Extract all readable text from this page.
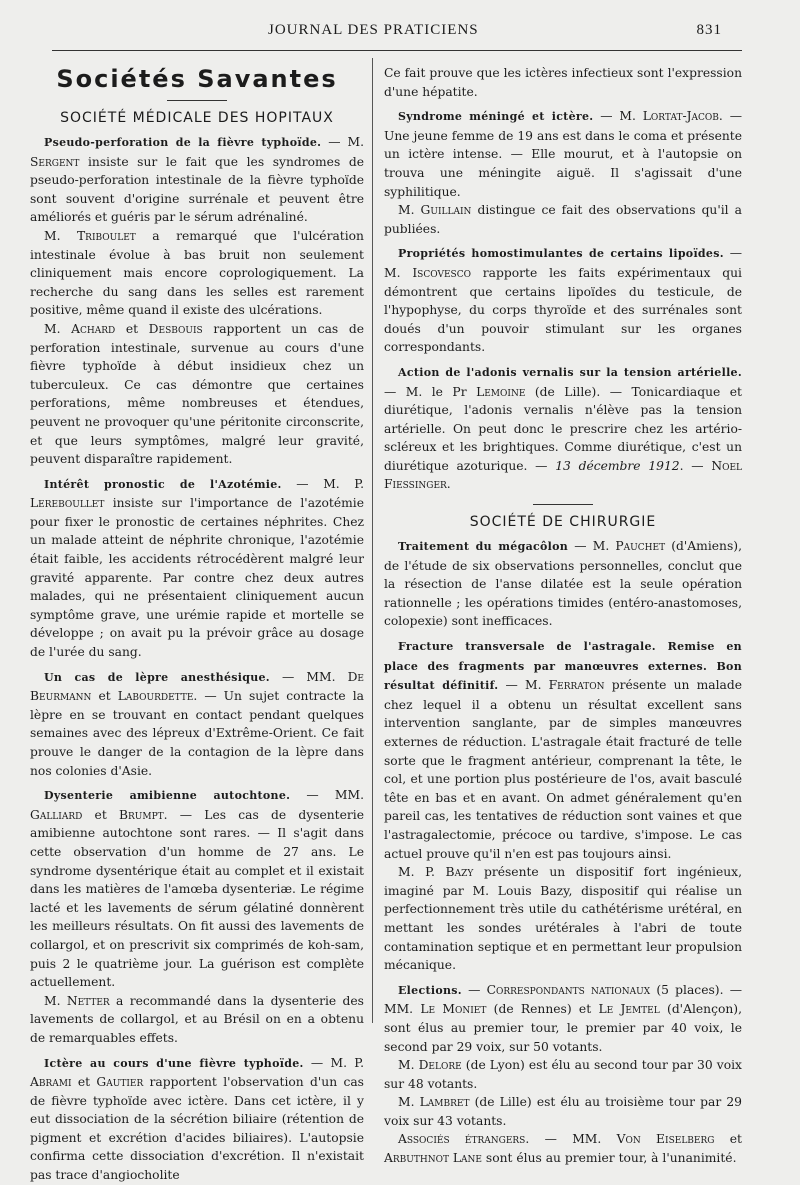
JOURNAL DES PRATICIENS	831
Sociétés Savantes
SOCIÉTÉ MÉDICALE DES HOPITAUX

Pseudo-perforation de la fièvre typhoïde. — M. Sergent insiste sur le fait que les syndromes de pseudo-perforation intestinale de la fièvre typhoïde sont souvent d'origine surrénale et peuvent être améliorés et guéris par le sérum adrénaliné.

M. Triboulet a remarqué que l'ulcération intestinale évolue à bas bruit non seulement cliniquement mais encore coprologiquement. La recherche du sang dans les selles est rarement positive, même quand il existe des ulcérations.

M. Achard et Desbouis rapportent un cas de perforation intestinale, survenue au cours d'une fièvre typhoïde à début insidieux chez un tuberculeux. Ce cas démontre que certaines perforations, même nombreuses et étendues, peuvent ne provoquer qu'une péritonite circonscrite, et que leurs symptômes, malgré leur gravité, peuvent disparaître rapidement.

Intérêt pronostic de l'Azotémie. — M. P. Lereboullet insiste sur l'importance de l'azotémie pour fixer le pronostic de certaines néphrites. Chez un malade atteint de néphrite chronique, l'azotémie était faible, les accidents rétrocédèrent malgré leur gravité apparente. Par contre chez deux autres malades, qui ne présentaient cliniquement aucun symptôme grave, une urémie rapide et mortelle se développe ; on avait pu la prévoir grâce au dosage de l'urée du sang.

Un cas de lèpre anesthésique. — MM. De Beurmann et Labourdette. — Un sujet contracte la lèpre en se trouvant en contact pendant quelques semaines avec des lépreux d'Extrême-Orient. Ce fait prouve le danger de la contagion de la lèpre dans nos colonies d'Asie.

Dysenterie amibienne autochtone. — MM. Galliard et Brumpt. — Les cas de dysenterie amibienne autochtone sont rares. — Il s'agit dans cette observation d'un homme de 27 ans. Le syndrome dysentérique était au complet et il existait dans les matières de l'amœba dysenteriæ. Le régime lacté et les lavements de sérum gélatiné donnèrent les meilleurs résultats. On fit aussi des lavements de collargol, et on prescrivit six comprimés de koh-sam, puis 2 le quatrième jour. La guérison est complète actuellement.

M. Netter a recommandé dans la dysenterie des lavements de collargol, et au Brésil on en a obtenu de remarquables effets.

Ictère au cours d'une fièvre typhoïde. — M. P. Abrami et Gautier rapportent l'observation d'un cas de fièvre typhoïde avec ictère. Dans cet ictère, il y eut dissociation de la sécrétion biliaire (rétention de pigment et excrétion d'acides biliaires). L'autopsie confirma cette dissociation d'excrétion. Il n'existait pas trace d'angiocholite

Ce fait prouve que les ictères infectieux sont l'expression d'une hépatite.

Syndrome méningé et ictère. — M. Lortat-Jacob. — Une jeune femme de 19 ans est dans le coma et présente un ictère intense. — Elle mourut, et à l'autopsie on trouva une méningite aiguë. Il s'agissait d'une syphilitique.

M. Guillain distingue ce fait des observations qu'il a publiées.

Propriétés homostimulantes de certains lipoïdes. — M. Iscovesco rapporte les faits expérimentaux qui démontrent que certains lipoïdes du testicule, de l'hypophyse, du corps thyroïde et des surrénales sont doués d'un pouvoir stimulant sur les organes correspondants.

Action de l'adonis vernalis sur la tension artérielle. — M. le Pr Lemoine (de Lille). — Tonicardiaque et diurétique, l'adonis vernalis n'élève pas la tension artérielle. On peut donc le prescrire chez les artério-scléreux et les brightiques. Comme diurétique, c'est un diurétique azoturique. — 13 décembre 1912. — Noel Fiessinger.

SOCIÉTÉ DE CHIRURGIE

Traitement du mégacôlon — M. Pauchet (d'Amiens), de l'étude de six observations personnelles, conclut que la résection de l'anse dilatée est la seule opération rationnelle ; les opérations timides (entéro-anastomoses, colopexie) sont inefficaces.

Fracture transversale de l'astragale. Remise en place des fragments par manœuvres externes. Bon résultat définitif. — M. Ferraton présente un malade chez lequel il a obtenu un résultat excellent sans intervention sanglante, par de simples manœuvres externes de réduction. L'astragale était fracturé de telle sorte que le fragment antérieur, comprenant la tête, le col, et une portion plus postérieure de l'os, avait basculé tête en bas et en avant. On admet généralement qu'en pareil cas, les tentatives de réduction sont vaines et que l'astragalectomie, précoce ou tardive, s'impose. Le cas actuel prouve qu'il n'en est pas toujours ainsi.

M. P. Bazy présente un dispositif fort ingénieux, imaginé par M. Louis Bazy, dispositif qui réalise un perfectionnement très utile du cathétérisme urétéral, en mettant les sondes urétérales à l'abri de toute contamination septique et en permettant leur propulsion mécanique.

Elections. — Correspondants nationaux (5 places). — MM. Le Moniet (de Rennes) et Le Jemtel (d'Alençon), sont élus au premier tour, le premier par 40 voix, le second par 29 voix, sur 50 votants.

M. Delore (de Lyon) est élu au second tour par 30 voix sur 48 votants.

M. Lambret (de Lille) est élu au troisième tour par 29 voix sur 43 votants.

Associés étrangers. — MM. Von Eiselberg et Arbuthnot Lane sont élus au premier tour, à l'unanimité.
